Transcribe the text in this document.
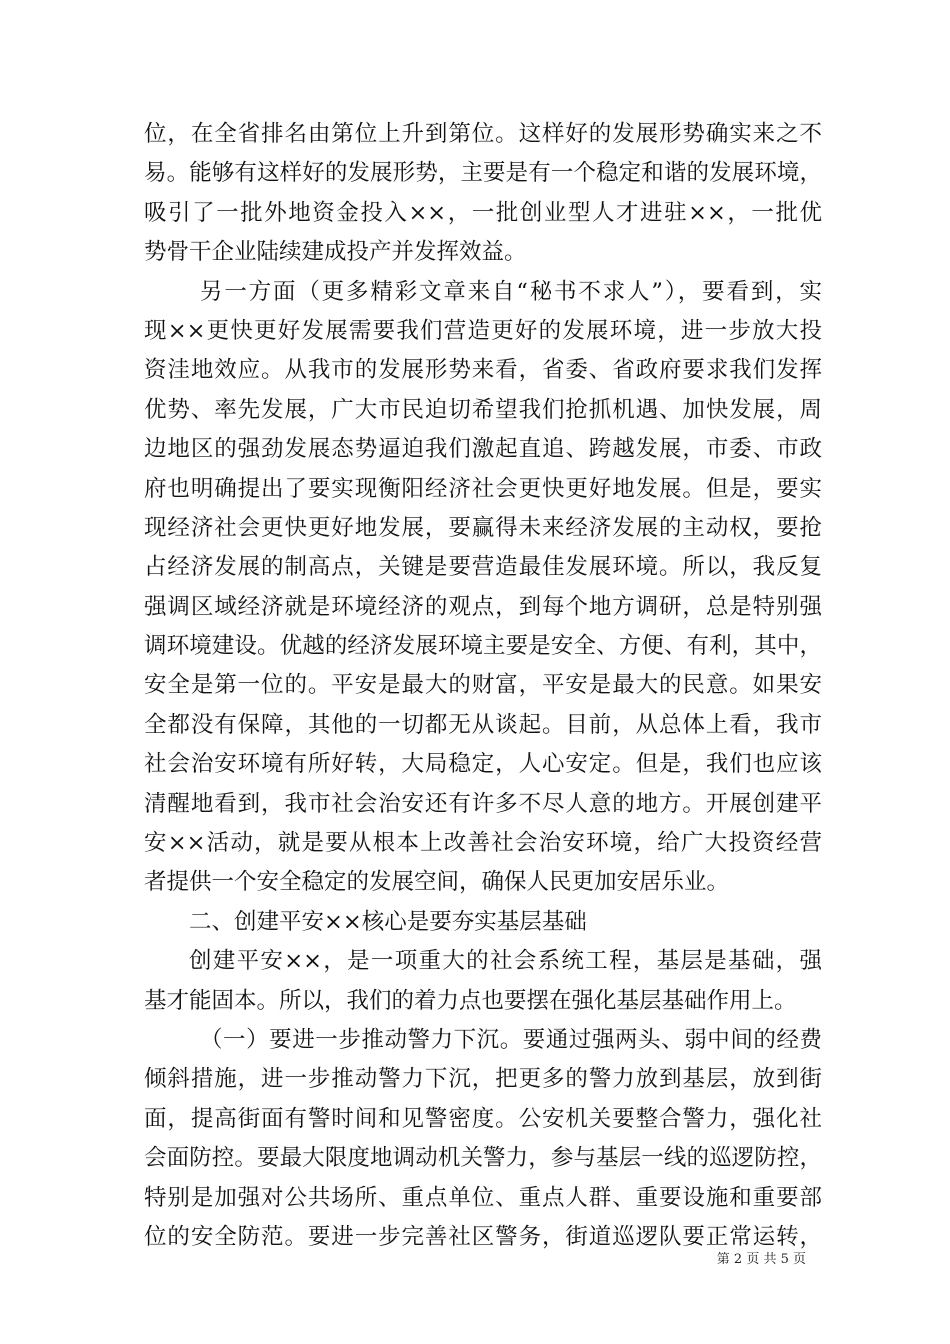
位，在全省排名由第位上升到第位。这样好的发展形势确实来之不
易。能够有这样好的发展形势，主要是有一个稳定和谐的发展环境，
吸引了一批外地资金投入××，一批创业型人才进驻××，一批优
势骨干企业陆续建成投产并发挥效益。
另一方面（更多精彩文章来自“秘书不求人”），要看到，实
现××更快更好发展需要我们营造更好的发展环境，进一步放大投
资洼地效应。从我市的发展形势来看，省委、省政府要求我们发挥
优势、率先发展，广大市民迫切希望我们抢抓机遇、加快发展，周
边地区的强劲发展态势逼迫我们激起直追、跨越发展，市委、市政
府也明确提出了要实现衡阳经济社会更快更好地发展。但是，要实
现经济社会更快更好地发展，要赢得未来经济发展的主动权，要抢
占经济发展的制高点，关键是要营造最佳发展环境。所以，我反复
强调区域经济就是环境经济的观点，到每个地方调研，总是特别强
调环境建设。优越的经济发展环境主要是安全、方便、有利，其中，
安全是第一位的。平安是最大的财富，平安是最大的民意。如果安
全都没有保障，其他的一切都无从谈起。目前，从总体上看，我市
社会治安环境有所好转，大局稳定，人心安定。但是，我们也应该
清醒地看到，我市社会治安还有许多不尽人意的地方。开展创建平
安××活动，就是要从根本上改善社会治安环境，给广大投资经营
者提供一个安全稳定的发展空间，确保人民更加安居乐业。
二、创建平安××核心是要夯实基层基础
创建平安××，是一项重大的社会系统工程，基层是基础，强
基才能固本。所以，我们的着力点也要摆在强化基层基础作用上。
（一）要进一步推动警力下沉。要通过强两头、弱中间的经费
倾斜措施，进一步推动警力下沉，把更多的警力放到基层，放到街
面，提高街面有警时间和见警密度。公安机关要整合警力，强化社
会面防控。要最大限度地调动机关警力，参与基层一线的巡逻防控，
特别是加强对公共场所、重点单位、重点人群、重要设施和重要部
位的安全防范。要进一步完善社区警务，街道巡逻队要正常运转，
第 2 页 共 5 页
